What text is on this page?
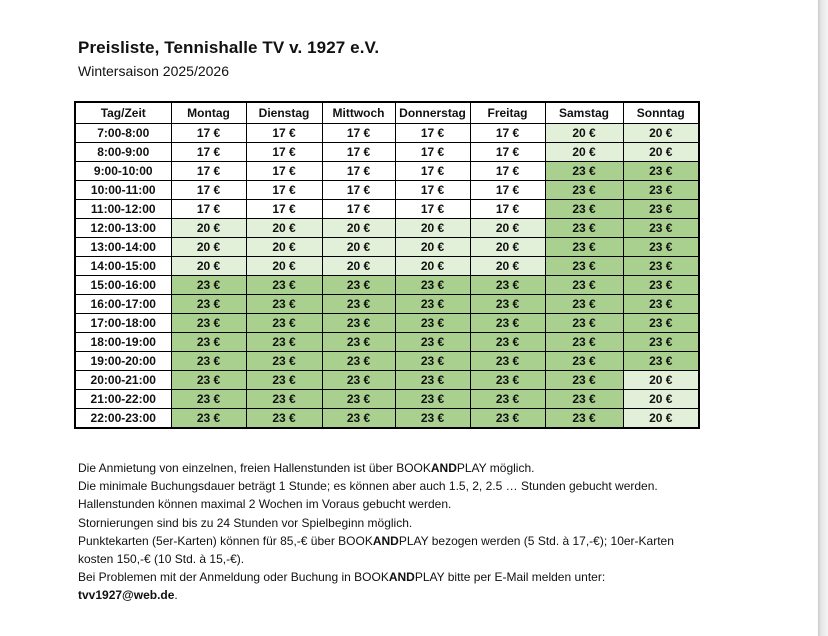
Preisliste, Tennishalle TV v. 1927 e.V.
Wintersaison 2025/2026
Tag/Zeit	Montag	Dienstag	Mittwoch	Donnerstag	Freitag	Samstag	Sonntag
7:00-8:00	17 €	17 €	17 €	17 €	17 €	20 €	20 €
8:00-9:00	17 €	17 €	17 €	17 €	17 €	20 €	20 €
9:00-10:00	17 €	17 €	17 €	17 €	17 €	23 €	23 €
10:00-11:00	17 €	17 €	17 €	17 €	17 €	23 €	23 €
11:00-12:00	17 €	17 €	17 €	17 €	17 €	23 €	23 €
12:00-13:00	20 €	20 €	20 €	20 €	20 €	23 €	23 €
13:00-14:00	20 €	20 €	20 €	20 €	20 €	23 €	23 €
14:00-15:00	20 €	20 €	20 €	20 €	20 €	23 €	23 €
15:00-16:00	23 €	23 €	23 €	23 €	23 €	23 €	23 €
16:00-17:00	23 €	23 €	23 €	23 €	23 €	23 €	23 €
17:00-18:00	23 €	23 €	23 €	23 €	23 €	23 €	23 €
18:00-19:00	23 €	23 €	23 €	23 €	23 €	23 €	23 €
19:00-20:00	23 €	23 €	23 €	23 €	23 €	23 €	23 €
20:00-21:00	23 €	23 €	23 €	23 €	23 €	23 €	20 €
21:00-22:00	23 €	23 €	23 €	23 €	23 €	23 €	20 €
22:00-23:00	23 €	23 €	23 €	23 €	23 €	23 €	20 €
Die Anmietung von einzelnen, freien Hallenstunden ist über BOOKANDPLAY möglich.
Die minimale Buchungsdauer beträgt 1 Stunde; es können aber auch 1.5, 2, 2.5 … Stunden gebucht werden.
Hallenstunden können maximal 2 Wochen im Voraus gebucht werden.
Stornierungen sind bis zu 24 Stunden vor Spielbeginn möglich.
Punktekarten (5er-Karten) können für 85,-€ über BOOKANDPLAY bezogen werden (5 Std. à 17,-€); 10er-Karten
kosten 150,-€ (10 Std. à 15,-€).
Bei Problemen mit der Anmeldung oder Buchung in BOOKANDPLAY bitte per E-Mail melden unter:
tvv1927@web.de.
